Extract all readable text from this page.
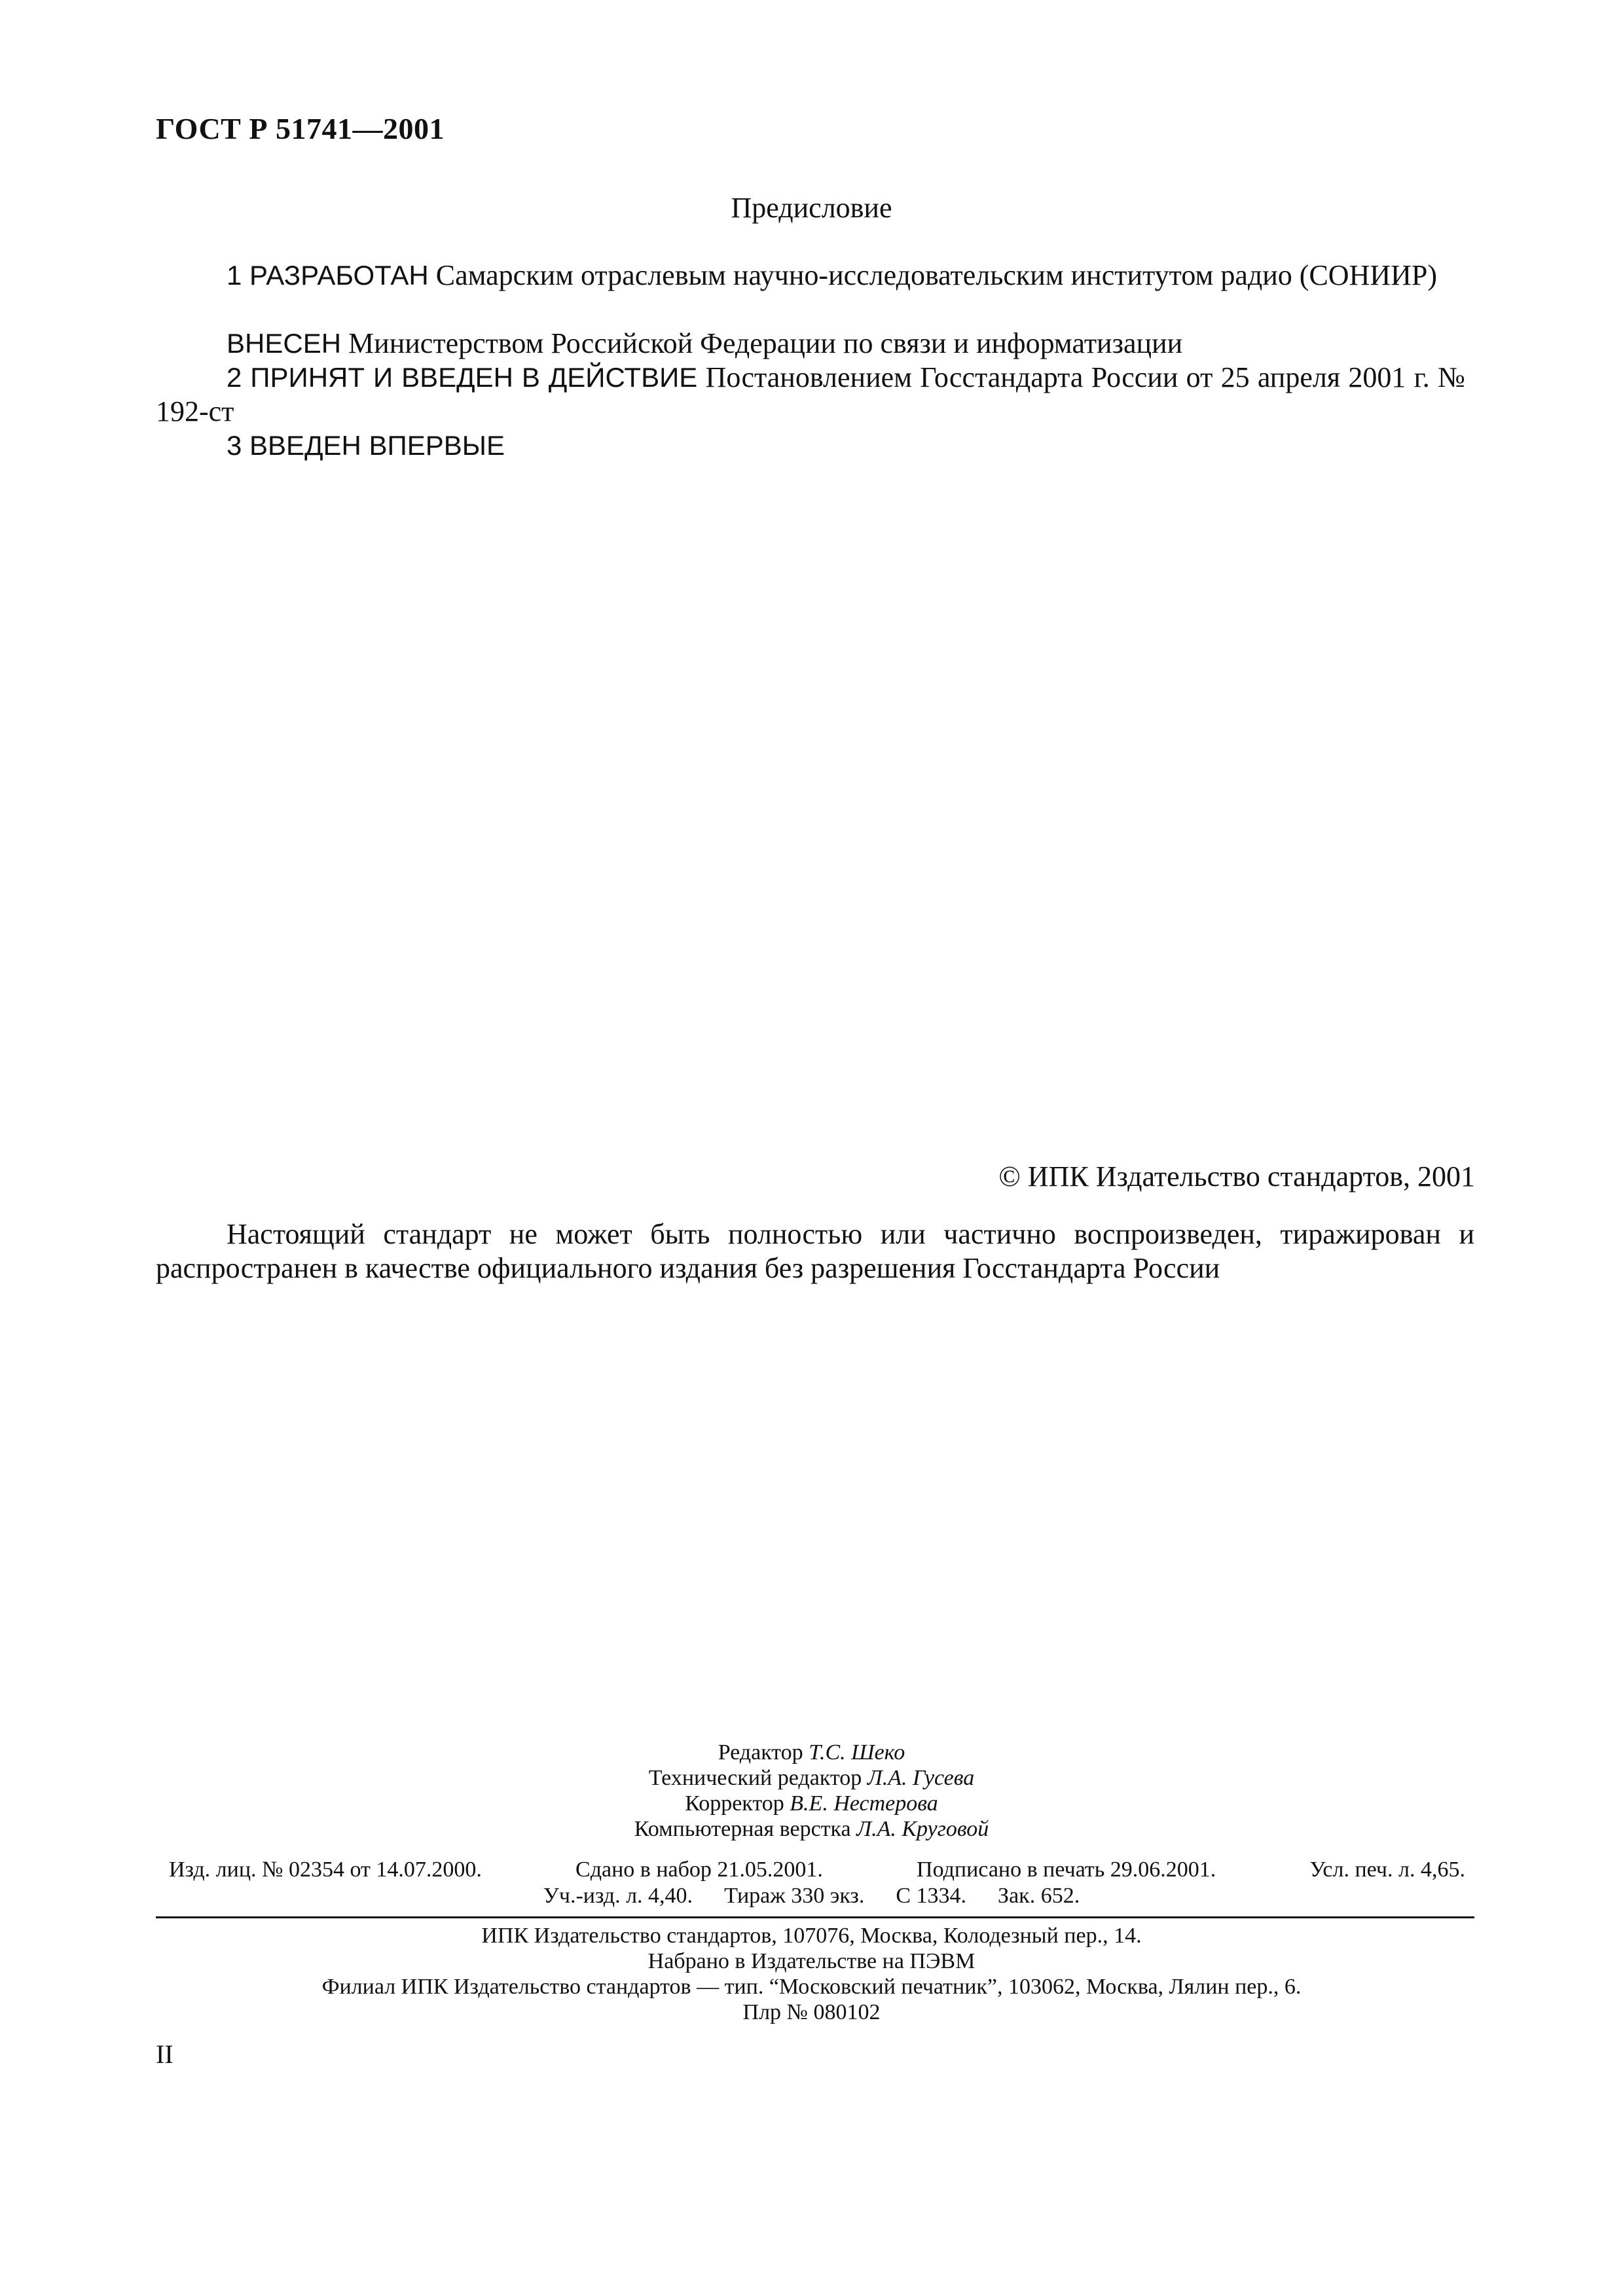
ГОСТ Р 51741—2001
Предисловие

1 РАЗРАБОТАН Самарским отраслевым научно-исследовательским институтом радио (СОНИИР)

ВНЕСЕН Министерством Российской Федерации по связи и информатизации

2 ПРИНЯТ И ВВЕДЕН В ДЕЙСТВИЕ Постановлением Госстандарта России от 25 апреля 2001 г. № 192-ст

3 ВВЕДЕН ВПЕРВЫЕ

© ИПК Издательство стандартов, 2001

Настоящий стандарт не может быть полностью или частично воспроизведен, тиражирован и распространен в качестве официального издания без разрешения Госстандарта России

Редактор Т.С. Шеко
Технический редактор Л.А. Гусева
Корректор В.Е. Нестерова
Компьютерная верстка Л.А. Круговой
Изд. лиц. № 02354 от 14.07.2000.	Сдано в набор 21.05.2001.	Подписано в печать 29.06.2001.	Усл. печ. л. 4,65.
Уч.-изд. л. 4,40. Тираж 330 экз. С 1334. Зак. 652.
ИПК Издательство стандартов, 107076, Москва, Колодезный пер., 14.
Набрано в Издательстве на ПЭВМ
Филиал ИПК Издательство стандартов — тип. “Московский печатник”, 103062, Москва, Лялин пер., 6.
Плр № 080102
II
